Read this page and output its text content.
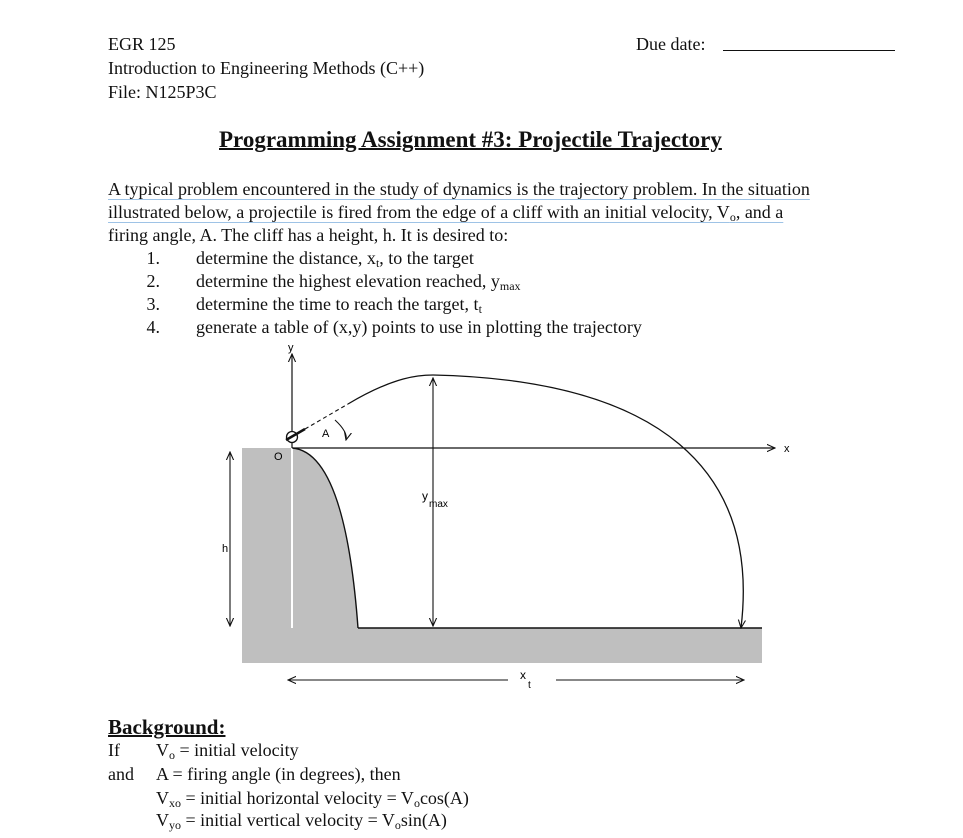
EGR 125
Introduction to Engineering Methods (C++)
File: N125P3C
Due date:
Programming Assignment #3: Projectile Trajectory
A typical problem encountered in the study of dynamics is the trajectory problem. In the situation
illustrated below, a projectile is fired from the edge of a cliff with an initial velocity, $V_o$, and a
firing angle, A. The cliff has a height, h. It is desired to:
1. determine the distance, $x_t$, to the target
2. determine the highest elevation reached, $y_{max}$
3. determine the time to reach the target, $t_t$
4. generate a table of (x,y) points to use in plotting the trajectory
y
x
O
A
y
max
h
x
t
Background:
If $V_o$ = initial velocity
and A = firing angle (in degrees), then
$V_{xo}$ = initial horizontal velocity = $V_o\cos(A)$
$V_{yo}$ = initial vertical velocity = $V_o\sin(A)$
